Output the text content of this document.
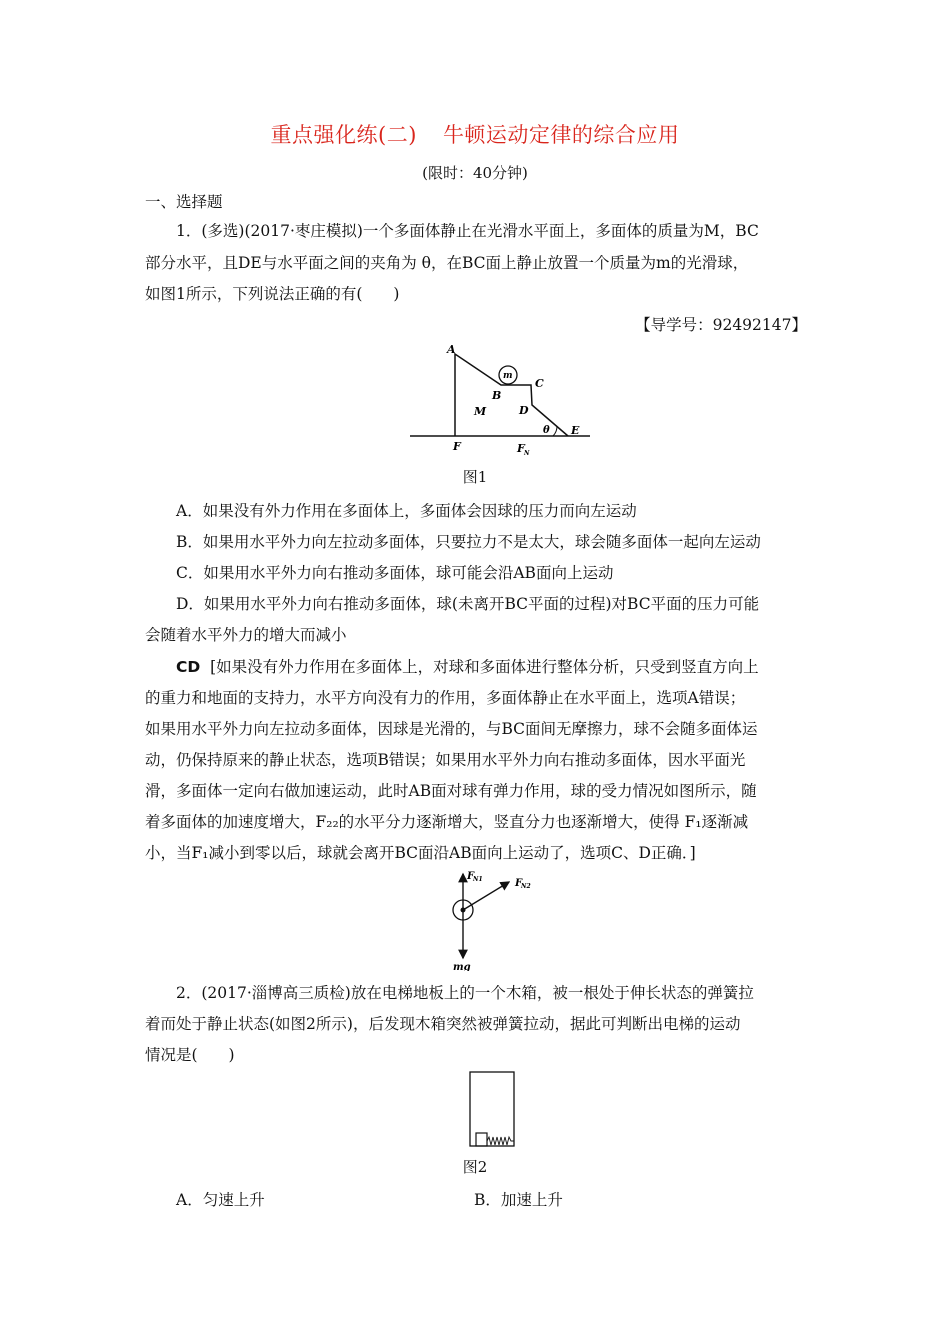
重点强化练(二) 牛顿运动定律的综合应用
(限时：40分钟)
一、选择题
1．(多选)(2017·枣庄模拟)一个多面体静止在光滑水平面上，多面体的质量为M，BC
部分水平，且DE与水平面之间的夹角为 θ，在BC面上静止放置一个质量为m的光滑球，
如图1所示，下列说法正确的有(　　)
【导学号：92492147】
A
B
C
D
E
F
M
m
θ
F N
图1
A．如果没有外力作用在多面体上，多面体会因球的压力而向左运动
B．如果用水平外力向左拉动多面体，只要拉力不是太大，球会随多面体一起向左运动
C．如果用水平外力向右推动多面体，球可能会沿AB面向上运动
D．如果用水平外力向右推动多面体，球(未离开BC平面的过程)对BC平面的压力可能
会随着水平外力的增大而减小
CD [如果没有外力作用在多面体上，对球和多面体进行整体分析，只受到竖直方向上
的重力和地面的支持力，水平方向没有力的作用，多面体静止在水平面上，选项A错误；
如果用水平外力向左拉动多面体，因球是光滑的，与BC面间无摩擦力，球不会随多面体运
动，仍保持原来的静止状态，选项B错误；如果用水平外力向右推动多面体，因水平面光
滑，多面体一定向右做加速运动，此时AB面对球有弹力作用，球的受力情况如图所示，随
着多面体的加速度增大，F₂₂的水平分力逐渐增大，竖直分力也逐渐增大，使得 F₁逐渐减
小，当F₁减小到零以后，球就会离开BC面沿AB面向上运动了，选项C、D正确．]
F
N1	F
N2
mg
2．(2017·淄博高三质检)放在电梯地板上的一个木箱，被一根处于伸长状态的弹簧拉
着而处于静止状态(如图2所示)，后发现木箱突然被弹簧拉动，据此可判断出电梯的运动
情况是(　　)
图2
A．匀速上升	B．加速上升
